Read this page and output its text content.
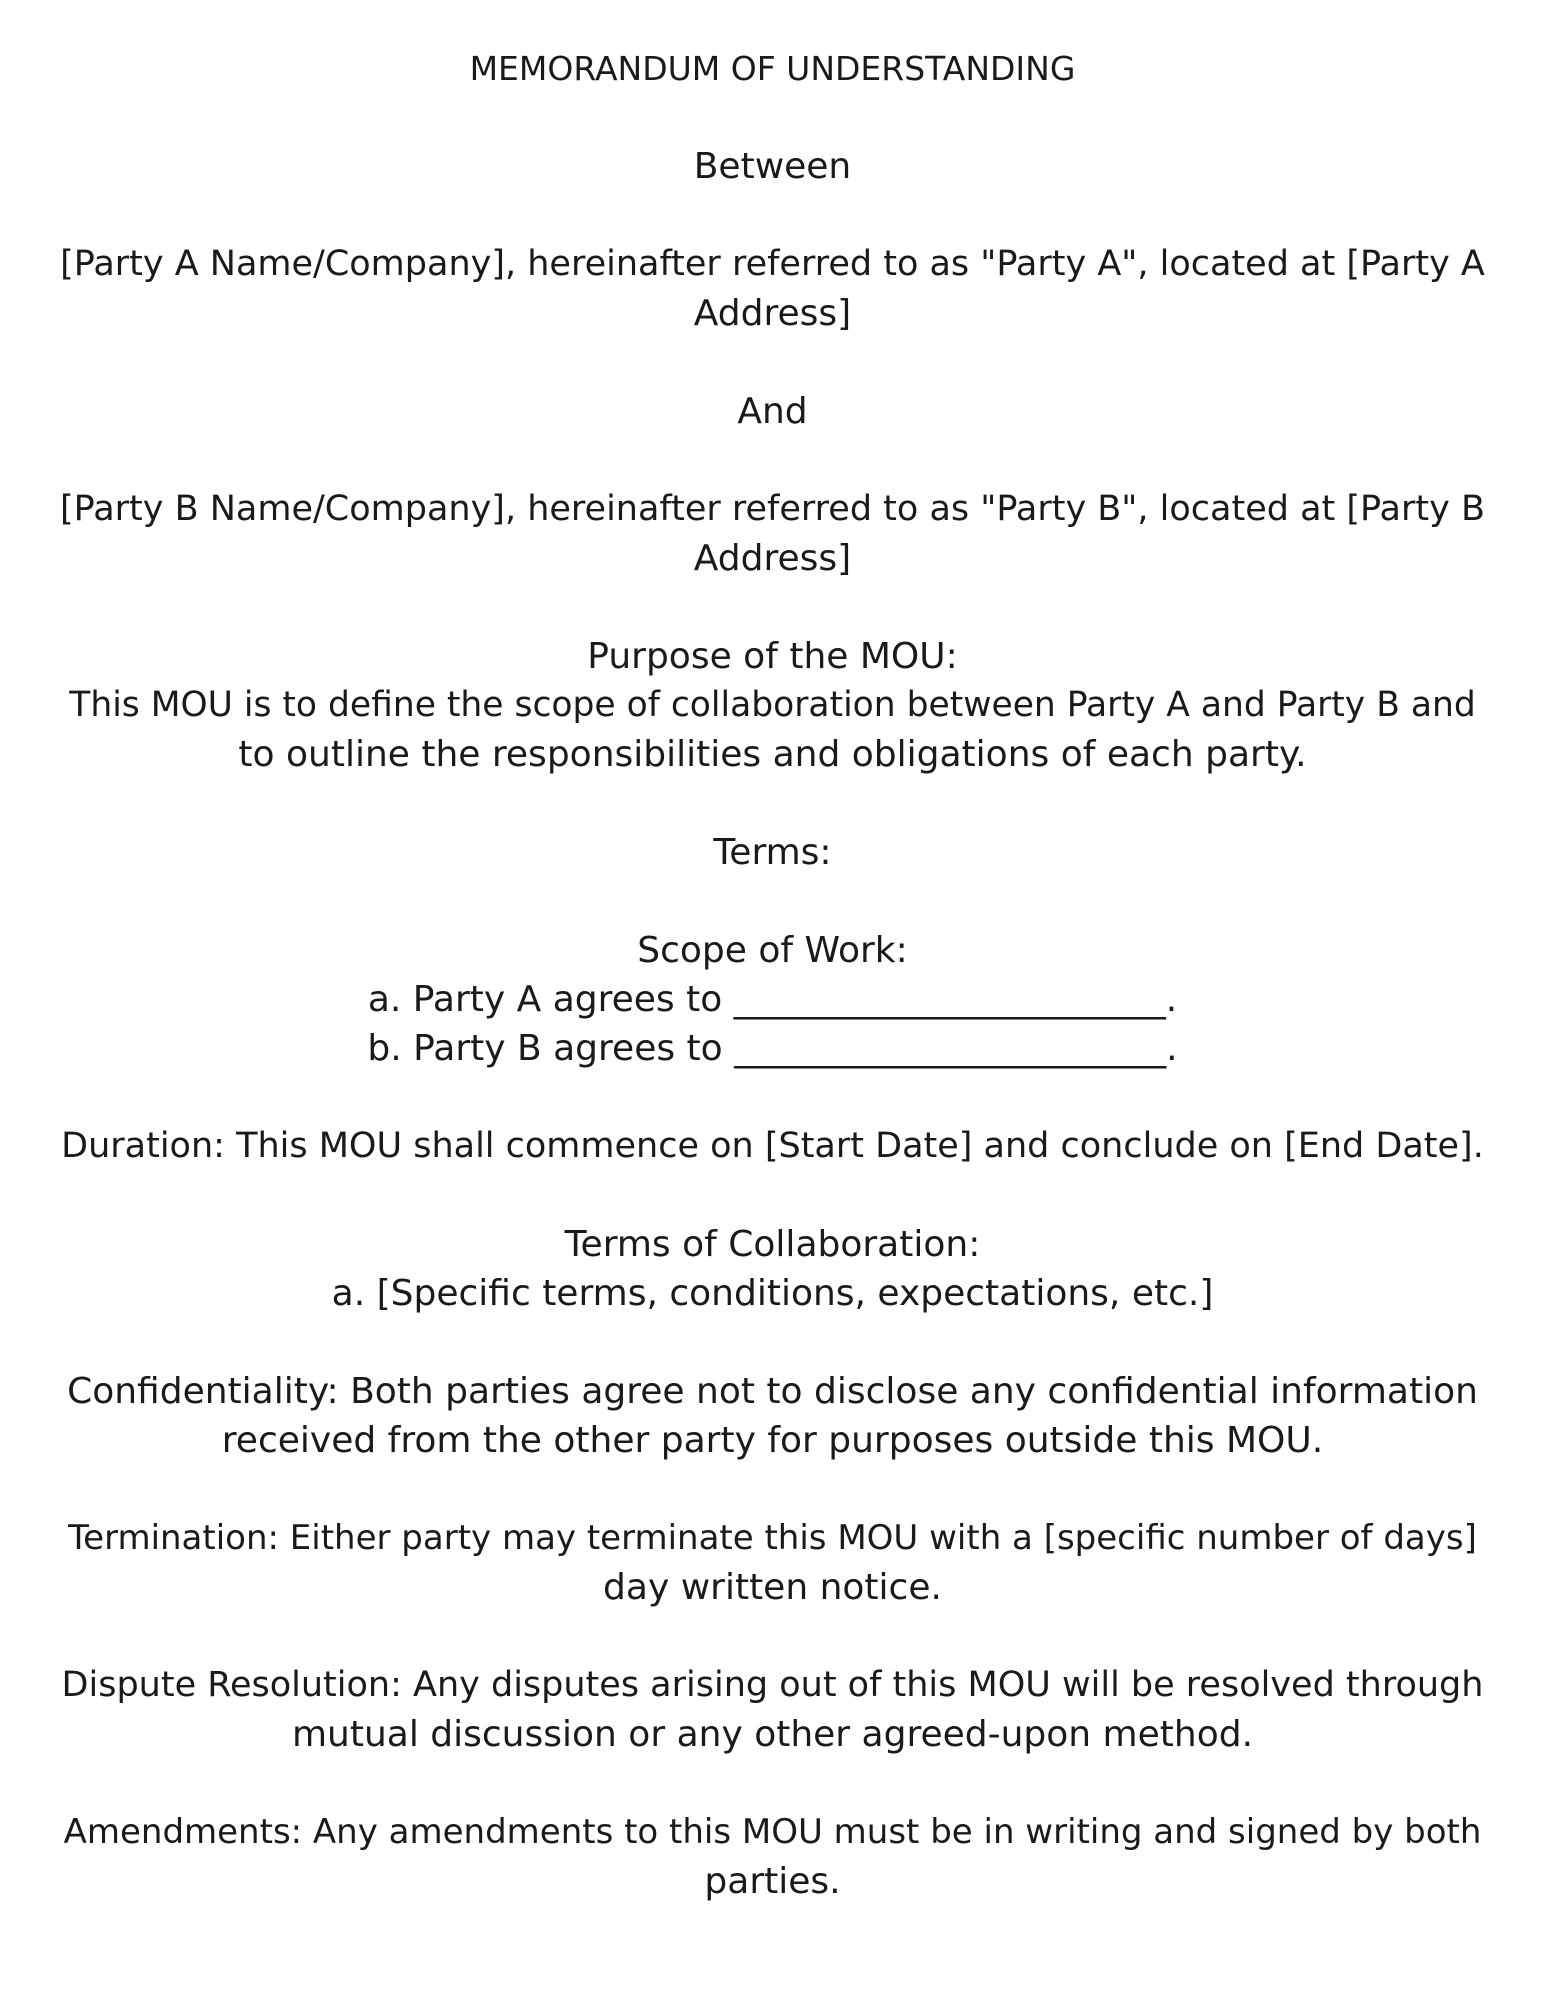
MEMORANDUM OF UNDERSTANDING
Between
[Party A Name/Company], hereinafter referred to as "Party A", located at [Party A
Address]
And
[Party B Name/Company], hereinafter referred to as "Party B", located at [Party B
Address]
Purpose of the MOU:
This MOU is to define the scope of collaboration between Party A and Party B and
to outline the responsibilities and obligations of each party.
Terms:
Scope of Work:
a. Party A agrees to ________________________.
b. Party B agrees to ________________________.
Duration: This MOU shall commence on [Start Date] and conclude on [End Date].
Terms of Collaboration:
a. [Specific terms, conditions, expectations, etc.]
Confidentiality: Both parties agree not to disclose any confidential information
received from the other party for purposes outside this MOU.
Termination: Either party may terminate this MOU with a [specific number of days]
day written notice.
Dispute Resolution: Any disputes arising out of this MOU will be resolved through
mutual discussion or any other agreed-upon method.
Amendments: Any amendments to this MOU must be in writing and signed by both
parties.
